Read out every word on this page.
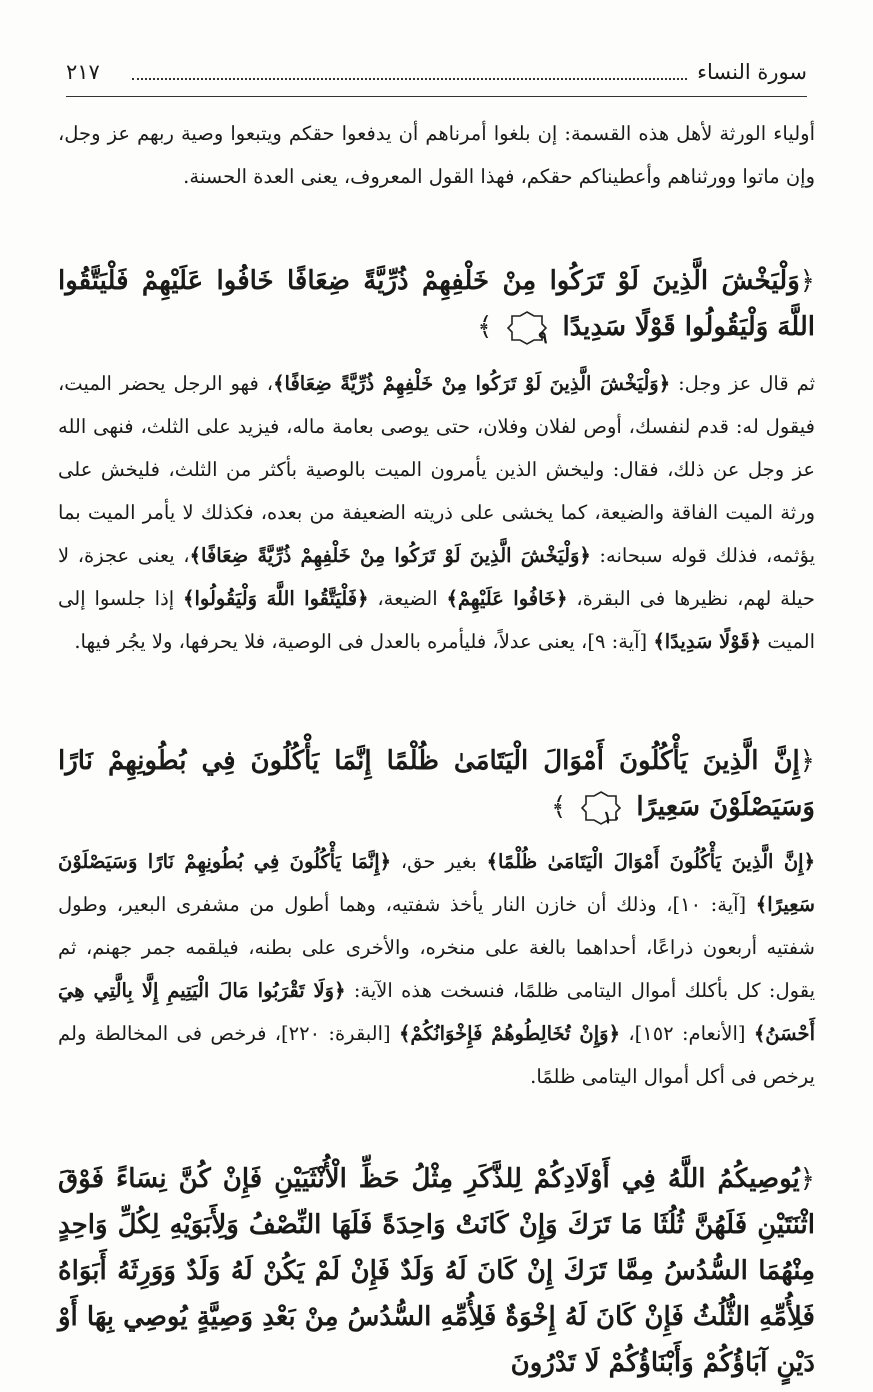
سورة النساء
٢١٧

أولياء الورثة لأهل هذه القسمة: إن بلغوا أمرناهم أن يدفعوا حقكم ويتبعوا وصية ربهم عز وجل، وإن ماتوا وورثناهم وأعطيناكم حقكم، فهذا القول المعروف، يعنى العدة الحسنة.

﴿وَلْيَخْشَ الَّذِينَ لَوْ تَرَكُوا مِنْ خَلْفِهِمْ ذُرِّيَّةً ضِعَافًا خَافُوا عَلَيْهِمْ فَلْيَتَّقُوا اللَّهَ وَلْيَقُولُوا قَوْلًا سَدِيدًا
٩
﴾

ثم قال عز وجل: ﴿وَلْيَخْشَ الَّذِينَ لَوْ تَرَكُوا مِنْ خَلْفِهِمْ ذُرِّيَّةً ضِعَافًا﴾، فهو الرجل يحضر الميت، فيقول له: قدم لنفسك، أوص لفلان وفلان، حتى يوصى بعامة ماله، فيزيد على الثلث، فنهى الله عز وجل عن ذلك، فقال: وليخش الذين يأمرون الميت بالوصية بأكثر من الثلث، فليخش على ورثة الميت الفاقة والضيعة، كما يخشى على ذريته الضعيفة من بعده، فكذلك لا يأمر الميت بما يؤثمه، فذلك قوله سبحانه: ﴿وَلْيَخْشَ الَّذِينَ لَوْ تَرَكُوا مِنْ خَلْفِهِمْ ذُرِّيَّةً ضِعَافًا﴾، يعنى عجزة، لا حيلة لهم، نظيرها فى البقرة، ﴿خَافُوا عَلَيْهِمْ﴾ الضيعة، ﴿فَلْيَتَّقُوا اللَّهَ وَلْيَقُولُوا﴾ إذا جلسوا إلى الميت ﴿قَوْلًا سَدِيدًا﴾ [آية: ٩]، يعنى عدلاً، فليأمره بالعدل فى الوصية، فلا يحرفها، ولا يجُر فيها.

﴿إِنَّ الَّذِينَ يَأْكُلُونَ أَمْوَالَ الْيَتَامَىٰ ظُلْمًا إِنَّمَا يَأْكُلُونَ فِي بُطُونِهِمْ نَارًا وَسَيَصْلَوْنَ سَعِيرًا
١٠
﴾

﴿إِنَّ الَّذِينَ يَأْكُلُونَ أَمْوَالَ الْيَتَامَىٰ ظُلْمًا﴾ بغير حق، ﴿إِنَّمَا يَأْكُلُونَ فِي بُطُونِهِمْ نَارًا وَسَيَصْلَوْنَ سَعِيرًا﴾ [آية: ١٠]، وذلك أن خازن النار يأخذ شفتيه، وهما أطول من مشفرى البعير، وطول شفتيه أربعون ذراعًا، أحداهما بالغة على منخره، والأخرى على بطنه، فيلقمه جمر جهنم، ثم يقول: كل بأكلك أموال اليتامى ظلمًا، فنسخت هذه الآية: ﴿وَلَا تَقْرَبُوا مَالَ الْيَتِيمِ إِلَّا بِالَّتِي هِيَ أَحْسَنُ﴾ [الأنعام: ١٥٢]، ﴿وَإِنْ تُخَالِطُوهُمْ فَإِخْوَانُكُمْ﴾ [البقرة: ٢٢٠]، فرخص فى المخالطة ولم يرخص فى أكل أموال اليتامى ظلمًا.

﴿يُوصِيكُمُ اللَّهُ فِي أَوْلَادِكُمْ لِلذَّكَرِ مِثْلُ حَظِّ الْأُنْثَيَيْنِ فَإِنْ كُنَّ نِسَاءً فَوْقَ اثْنَتَيْنِ فَلَهُنَّ ثُلُثَا مَا تَرَكَ وَإِنْ كَانَتْ وَاحِدَةً فَلَهَا النِّصْفُ وَلِأَبَوَيْهِ لِكُلِّ وَاحِدٍ مِنْهُمَا السُّدُسُ مِمَّا تَرَكَ إِنْ كَانَ لَهُ وَلَدٌ فَإِنْ لَمْ يَكُنْ لَهُ وَلَدٌ وَوَرِثَهُ أَبَوَاهُ فَلِأُمِّهِ الثُّلُثُ فَإِنْ كَانَ لَهُ إِخْوَةٌ فَلِأُمِّهِ السُّدُسُ مِنْ بَعْدِ وَصِيَّةٍ يُوصِي بِهَا أَوْ دَيْنٍ آبَاؤُكُمْ وَأَبْنَاؤُكُمْ لَا تَدْرُونَ
